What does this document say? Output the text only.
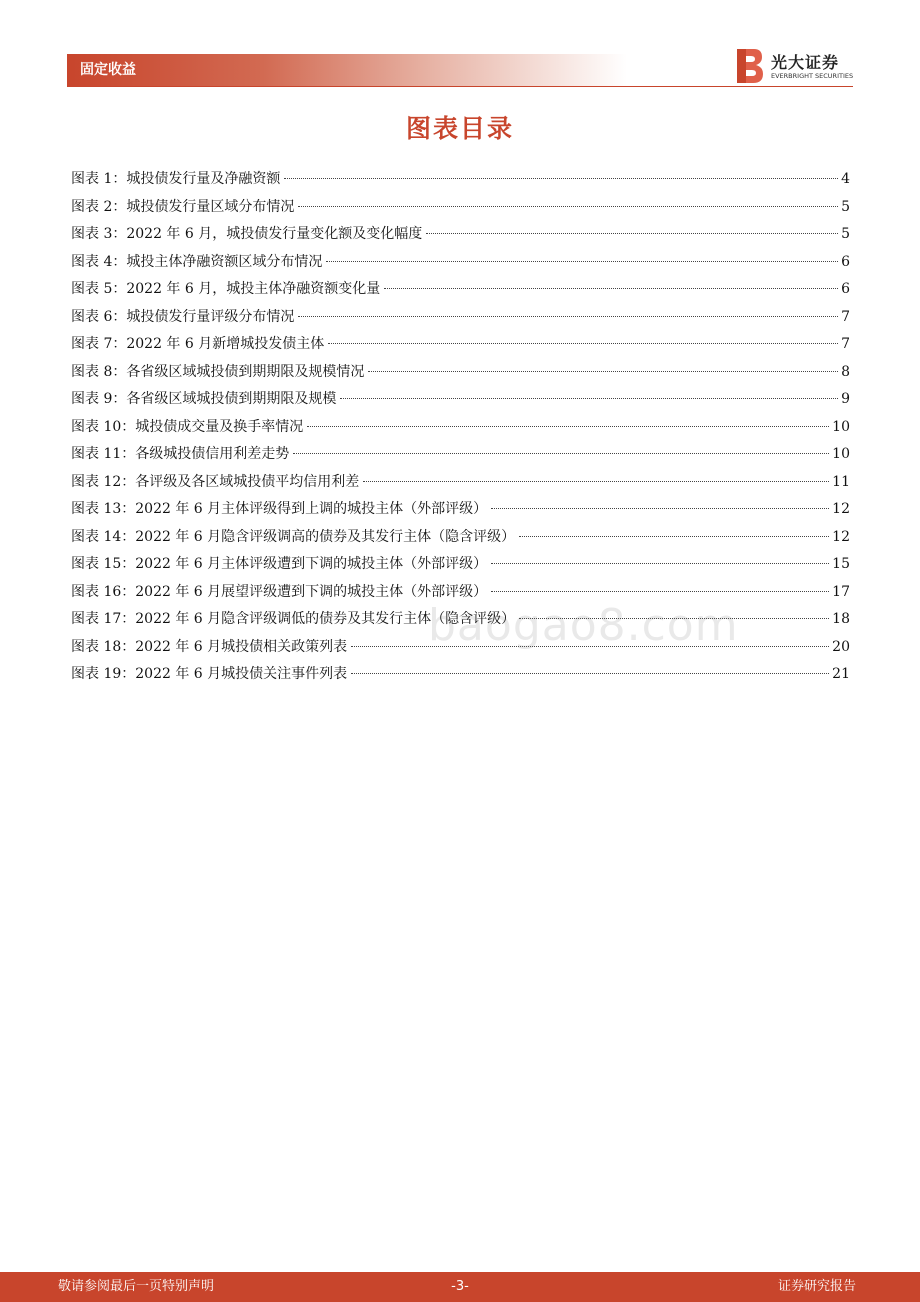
固定收益	光大证券
EVERBRIGHT SECURITIES
图表目录
图表 1：城投债发行量及净融资额	4
图表 2：城投债发行量区域分布情况	5
图表 3：2022 年 6 月，城投债发行量变化额及变化幅度	5
图表 4：城投主体净融资额区域分布情况	6
图表 5：2022 年 6 月，城投主体净融资额变化量	6
图表 6：城投债发行量评级分布情况	7
图表 7：2022 年 6 月新增城投发债主体	7
图表 8：各省级区域城投债到期期限及规模情况	8
图表 9：各省级区域城投债到期期限及规模	9
图表 10：城投债成交量及换手率情况	10
图表 11：各级城投债信用利差走势	10
图表 12：各评级及各区域城投债平均信用利差	11
图表 13：2022 年 6 月主体评级得到上调的城投主体（外部评级）	12
图表 14：2022 年 6 月隐含评级调高的债券及其发行主体（隐含评级）	12
图表 15：2022 年 6 月主体评级遭到下调的城投主体（外部评级）	15
图表 16：2022 年 6 月展望评级遭到下调的城投主体（外部评级）	17
图表 17：2022 年 6 月隐含评级调低的债券及其发行主体（隐含评级）	18
图表 18：2022 年 6 月城投债相关政策列表	20
图表 19：2022 年 6 月城投债关注事件列表	21
baogao8.com
敬请参阅最后一页特别声明	-3-	证券研究报告
